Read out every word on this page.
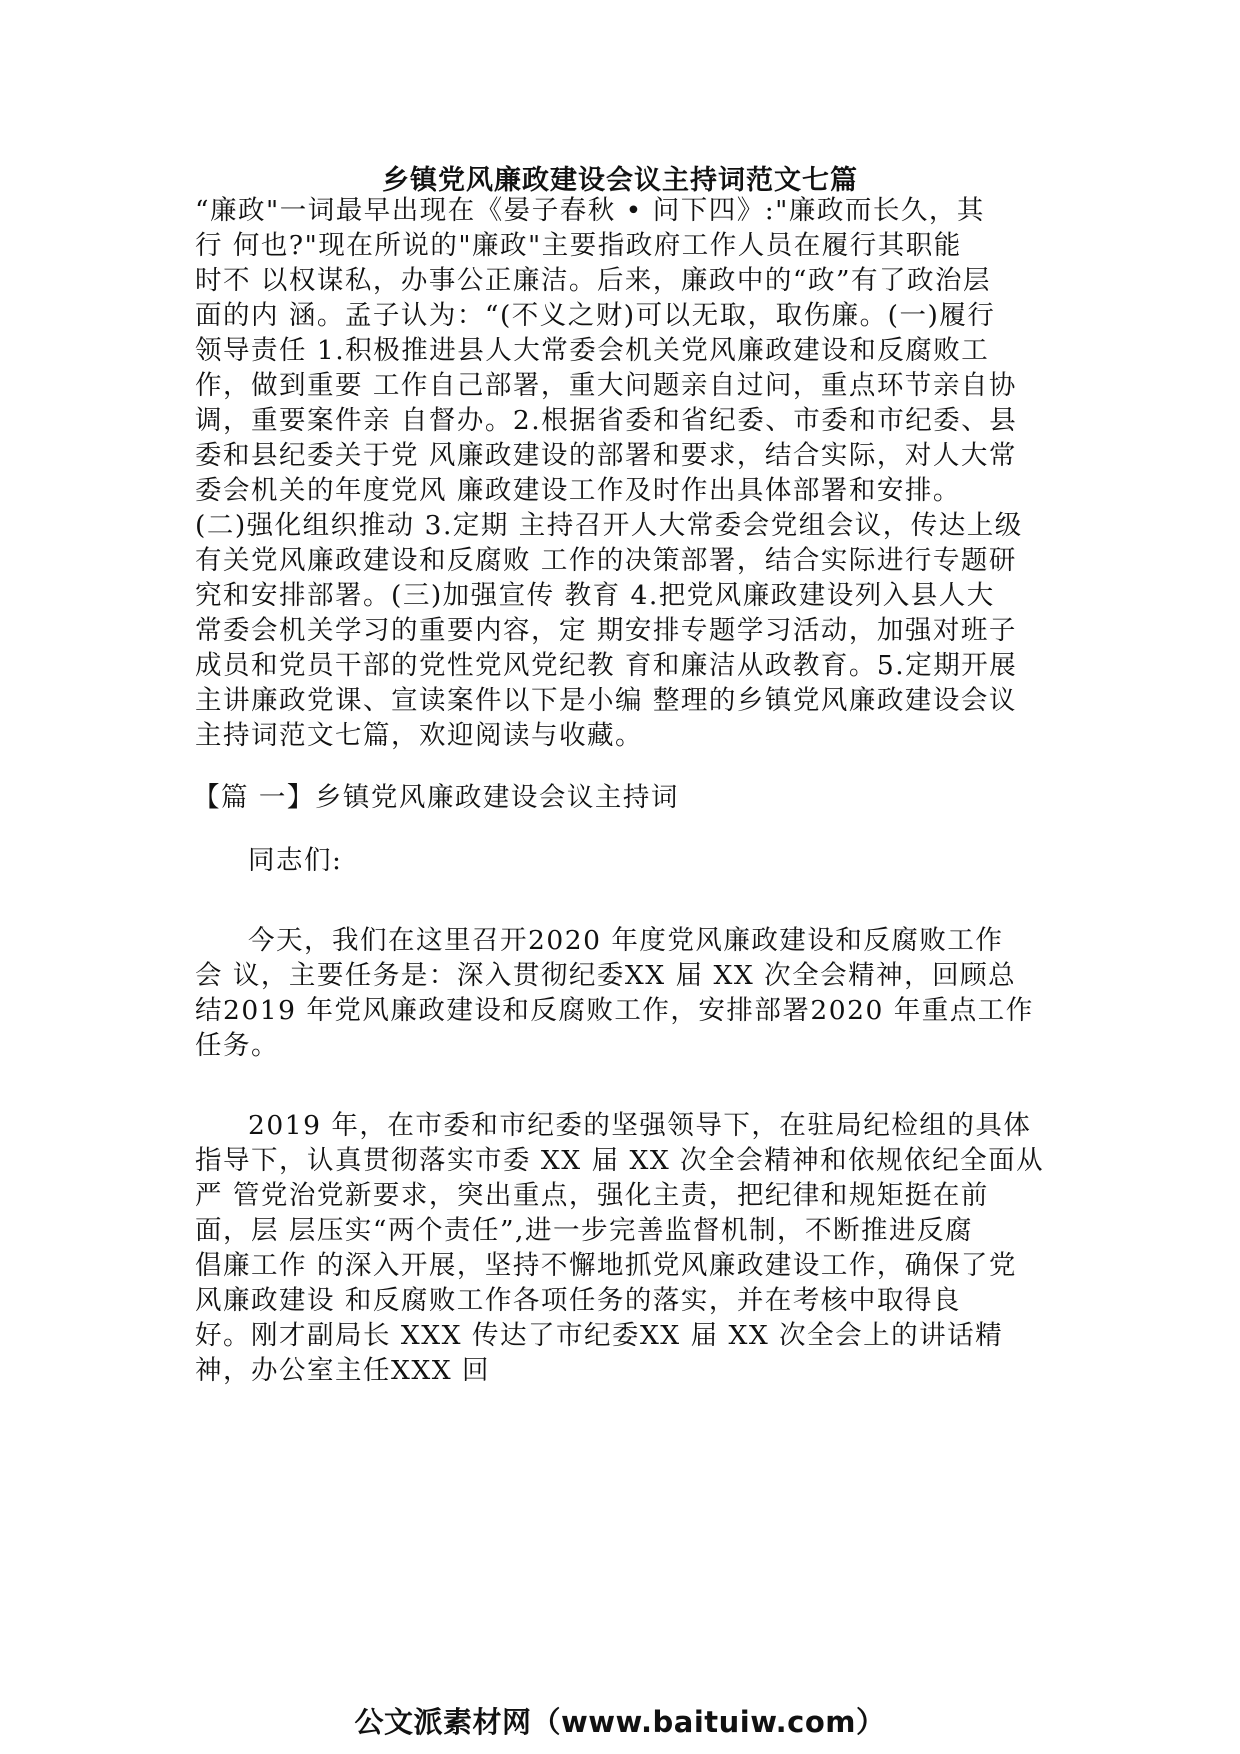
乡镇党风廉政建设会议主持词范文七篇

“廉政"一词最早出现在《晏子春秋 • 问下四》:"廉政而长久，其

行 何也?"现在所说的"廉政"主要指政府工作人员在履行其职能

时不 以权谋私，办事公正廉洁。后来，廉政中的“政”有了政治层

面的内 涵。孟子认为：“(不义之财)可以无取，取伤廉。(一)履行

领导责任 1.积极推进县人大常委会机关党风廉政建设和反腐败工

作，做到重要 工作自己部署，重大问题亲自过问，重点环节亲自协

调，重要案件亲 自督办。2.根据省委和省纪委、市委和市纪委、县

委和县纪委关于党 风廉政建设的部署和要求，结合实际，对人大常

委会机关的年度党风 廉政建设工作及时作出具体部署和安排。

(二)强化组织推动 3.定期 主持召开人大常委会党组会议，传达上级

有关党风廉政建设和反腐败 工作的决策部署，结合实际进行专题研

究和安排部署。(三)加强宣传 教育 4.把党风廉政建设列入县人大

常委会机关学习的重要内容，定 期安排专题学习活动，加强对班子

成员和党员干部的党性党风党纪教 育和廉洁从政教育。5.定期开展

主讲廉政党课、宣读案件以下是小编 整理的乡镇党风廉政建设会议

主持词范文七篇，欢迎阅读与收藏。

【篇 一】乡镇党风廉政建设会议主持词

同志们:

今天，我们在这里召开2020 年度党风廉政建设和反腐败工作

会 议，主要任务是：深入贯彻纪委XX 届 XX 次全会精神，回顾总

结2019 年党风廉政建设和反腐败工作，安排部署2020 年重点工作

任务。

2019 年，在市委和市纪委的坚强领导下，在驻局纪检组的具体

指导下，认真贯彻落实市委 XX 届 XX 次全会精神和依规依纪全面从

严 管党治党新要求，突出重点，强化主责，把纪律和规矩挺在前

面，层 层压实“两个责任”,进一步完善监督机制，不断推进反腐

倡廉工作 的深入开展，坚持不懈地抓党风廉政建设工作，确保了党

风廉政建设 和反腐败工作各项任务的落实，并在考核中取得良

好。刚才副局长 XXX 传达了市纪委XX 届 XX 次全会上的讲话精

神，办公室主任XXX 回

公文派素材网（www.baituiw.com）
